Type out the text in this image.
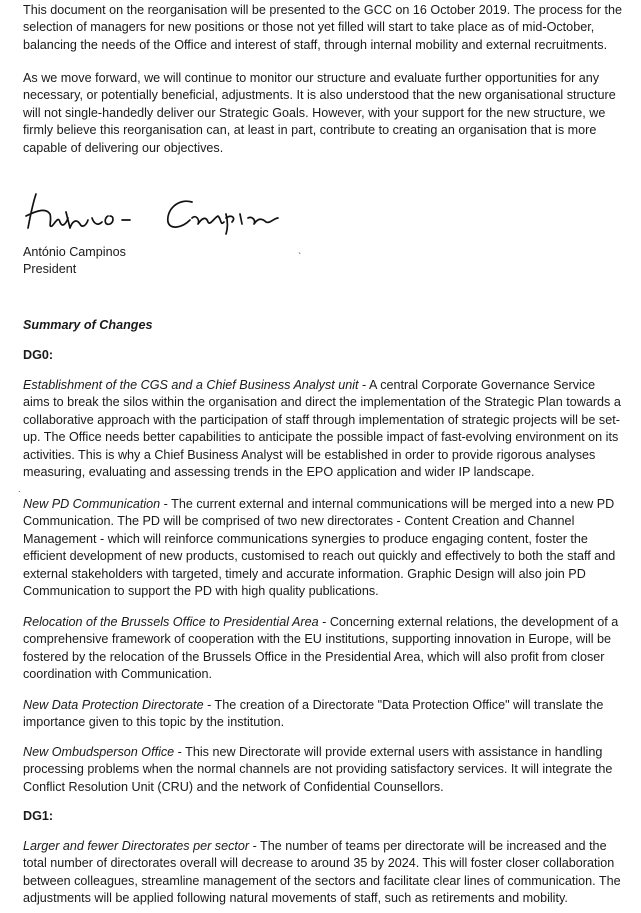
This document on the reorganisation will be presented to the GCC on 16 October 2019. The process for the selection of managers for new positions or those not yet filled will start to take place as of mid-October, balancing the needs of the Office and interest of staff, through internal mobility and external recruitments.

As we move forward, we will continue to monitor our structure and evaluate further opportunities for any necessary, or potentially beneficial, adjustments. It is also understood that the new organisational structure will not single-handedly deliver our Strategic Goals. However, with your support for the new structure, we firmly believe this reorganisation can, at least in part, contribute to creating an organisation that is more capable of delivering our objectives.

António Campinos
President
`

Summary of Changes

DG0:

Establishment of the CGS and a Chief Business Analyst unit - A central Corporate Governance Service aims to break the silos within the organisation and direct the implementation of the Strategic Plan towards a collaborative approach with the participation of staff through implementation of strategic projects will be set-up. The Office needs better capabilities to anticipate the possible impact of fast-evolving environment on its activities. This is why a Chief Business Analyst will be established in order to provide rigorous analyses measuring, evaluating and assessing trends in the EPO application and wider IP landscape.

.

New PD Communication - The current external and internal communications will be merged into a new PD Communication. The PD will be comprised of two new directorates - Content Creation and Channel Management - which will reinforce communications synergies to produce engaging content, foster the efficient development of new products, customised to reach out quickly and effectively to both the staff and external stakeholders with targeted, timely and accurate information. Graphic Design will also join PD Communication to support the PD with high quality publications.

Relocation of the Brussels Office to Presidential Area - Concerning external relations, the development of a comprehensive framework of cooperation with the EU institutions, supporting innovation in Europe, will be fostered by the relocation of the Brussels Office in the Presidential Area, which will also profit from closer coordination with Communication.

New Data Protection Directorate - The creation of a Directorate "Data Protection Office" will translate the importance given to this topic by the institution.

New Ombudsperson Office - This new Directorate will provide external users with assistance in handling processing problems when the normal channels are not providing satisfactory services. It will integrate the Conflict Resolution Unit (CRU) and the network of Confidential Counsellors.

DG1:

Larger and fewer Directorates per sector - The number of teams per directorate will be increased and the total number of directorates overall will decrease to around 35 by 2024. This will foster closer collaboration between colleagues, streamline management of the sectors and facilitate clear lines of communication. The adjustments will be applied following natural movements of staff, such as retirements and mobility.
